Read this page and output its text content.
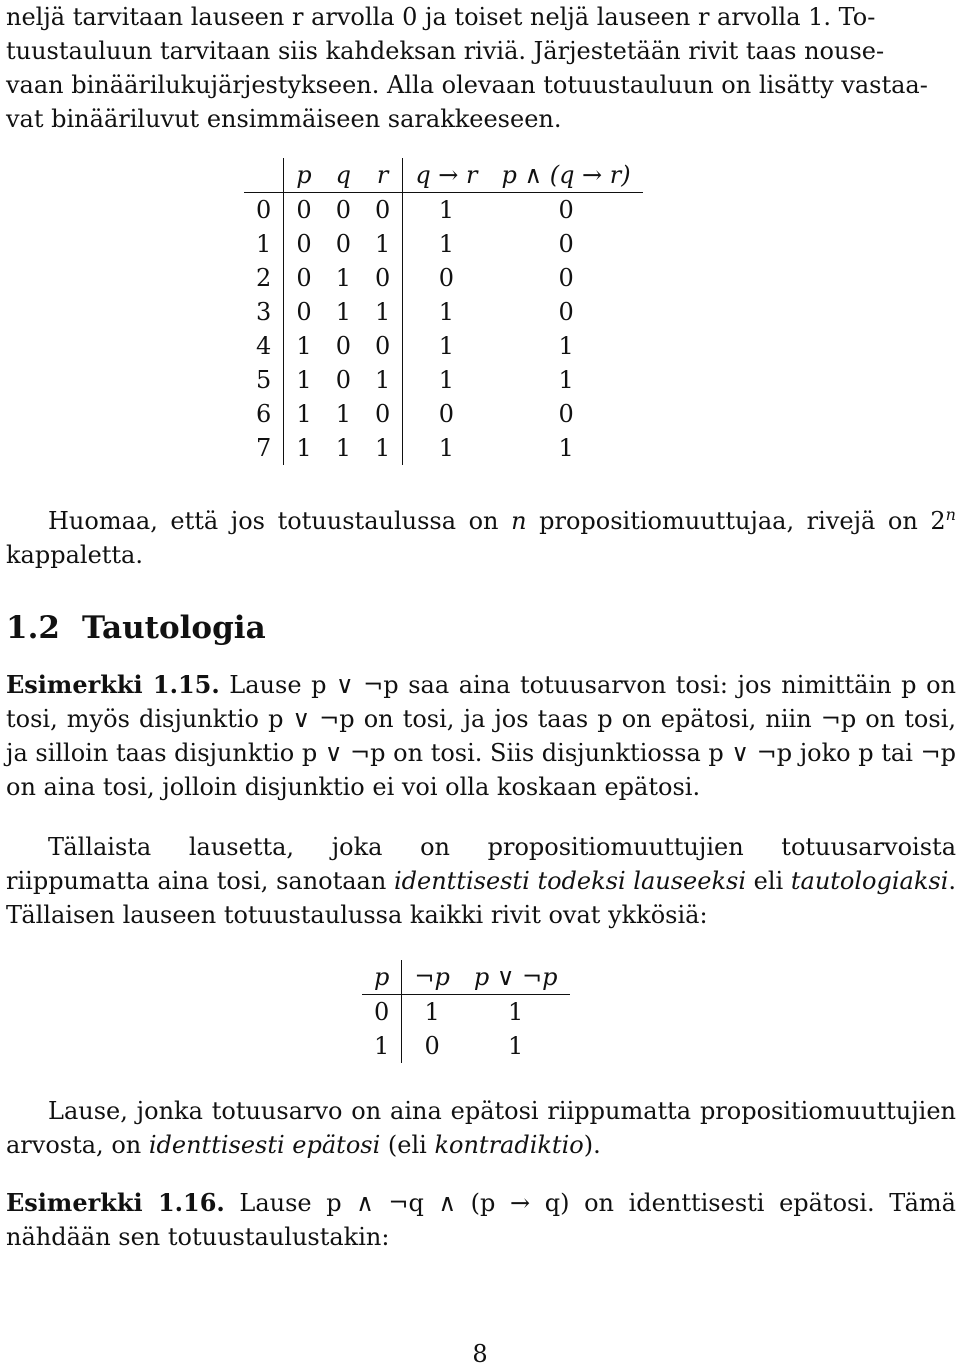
neljä tarvitaan lauseen r arvolla 0 ja toiset neljä lauseen r arvolla 1. To-
tuustauluun tarvitaan siis kahdeksan riviä. Järjestetään rivit taas nouse-
vaan binäärilukujärjestykseen. Alla olevaan totuustauluun on lisätty vastaa-
vat binääriluvut ensimmäiseen sarakkeeseen.
	p	q	r	q → r	p ∧ (q → r)
0	0	0	0	1	0
1	0	0	1	1	0
2	0	1	0	0	0
3	0	1	1	1	0
4	1	0	0	1	1
5	1	0	1	1	1
6	1	1	0	0	0
7	1	1	1	1	1

Huomaa, että jos totuustaulussa on n propositiomuuttujaa, rivejä on 2$^n$ kappaletta.

1.2 Tautologia

Esimerkki 1.15. Lause p ∨ ¬p saa aina totuusarvon tosi: jos nimittäin p on tosi, myös disjunktio p ∨ ¬p on tosi, ja jos taas p on epätosi, niin ¬p on tosi, ja silloin taas disjunktio p ∨ ¬p on tosi. Siis disjunktiossa p ∨ ¬p joko p tai ¬p on aina tosi, jolloin disjunktio ei voi olla koskaan epätosi.

Tällaista lausetta, joka on propositiomuuttujien totuusarvoista riippumatta aina tosi, sanotaan identtisesti todeksi lauseeksi eli tautologiaksi. Tällaisen lauseen totuustaulussa kaikki rivit ovat ykkösiä:

p	¬p	p ∨ ¬p
0	1	1
1	0	1

Lause, jonka totuusarvo on aina epätosi riippumatta propositiomuuttujien arvosta, on identtisesti epätosi (eli kontradiktio).

Esimerkki 1.16. Lause p ∧ ¬q ∧ (p → q) on identtisesti epätosi. Tämä nähdään sen totuustaulustakin:

8
